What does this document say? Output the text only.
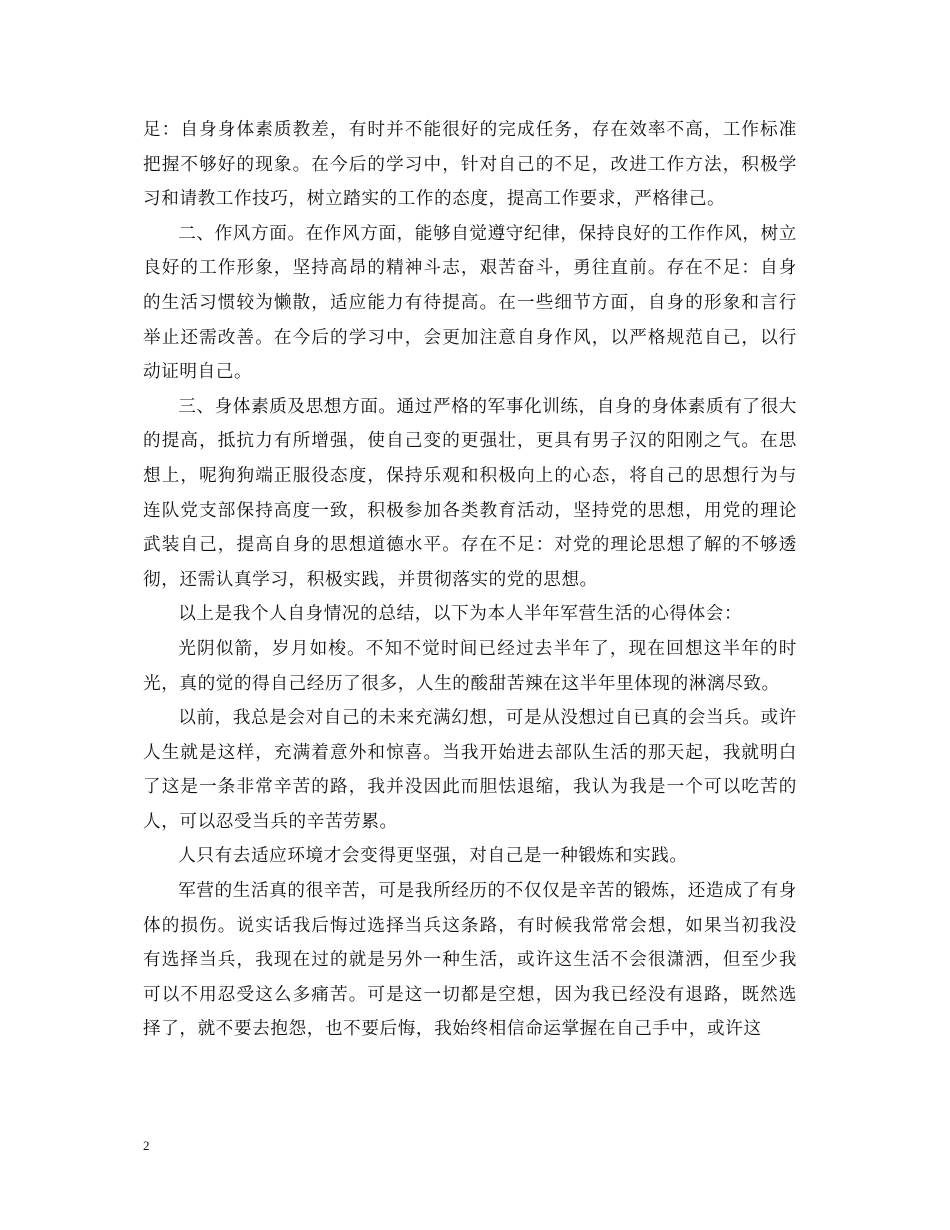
足：自身身体素质教差，有时并不能很好的完成任务，存在效率不高，工作标准把握不够好的现象。在今后的学习中，针对自己的不足，改进工作方法，积极学习和请教工作技巧，树立踏实的工作的态度，提高工作要求，严格律己。

二、作风方面。在作风方面，能够自觉遵守纪律，保持良好的工作作风，树立良好的工作形象，坚持高昂的精神斗志，艰苦奋斗，勇往直前。存在不足：自身的生活习惯较为懒散，适应能力有待提高。在一些细节方面，自身的形象和言行举止还需改善。在今后的学习中，会更加注意自身作风，以严格规范自己，以行动证明自己。

三、身体素质及思想方面。通过严格的军事化训练，自身的身体素质有了很大的提高，抵抗力有所增强，使自己变的更强壮，更具有男子汉的阳刚之气。在思想上，呢狗狗端正服役态度，保持乐观和积极向上的心态，将自己的思想行为与连队党支部保持高度一致，积极参加各类教育活动，坚持党的思想，用党的理论武装自己，提高自身的思想道德水平。存在不足：对党的理论思想了解的不够透彻，还需认真学习，积极实践，并贯彻落实的党的思想。

以上是我个人自身情况的总结，以下为本人半年军营生活的心得体会：

光阴似箭，岁月如梭。不知不觉时间已经过去半年了，现在回想这半年的时光，真的觉的得自己经历了很多，人生的酸甜苦辣在这半年里体现的淋漓尽致。

以前，我总是会对自己的未来充满幻想，可是从没想过自已真的会当兵。或许人生就是这样，充满着意外和惊喜。当我开始进去部队生活的那天起，我就明白了这是一条非常辛苦的路，我并没因此而胆怯退缩，我认为我是一个可以吃苦的人，可以忍受当兵的辛苦劳累。

人只有去适应环境才会变得更坚强，对自己是一种锻炼和实践。

军营的生活真的很辛苦，可是我所经历的不仅仅是辛苦的锻炼，还造成了有身体的损伤。说实话我后悔过选择当兵这条路，有时候我常常会想，如果当初我没有选择当兵，我现在过的就是另外一种生活，或许这生活不会很潇洒，但至少我可以不用忍受这么多痛苦。可是这一切都是空想，因为我已经没有退路，既然选择了，就不要去抱怨，也不要后悔，我始终相信命运掌握在自己手中，或许这

2
